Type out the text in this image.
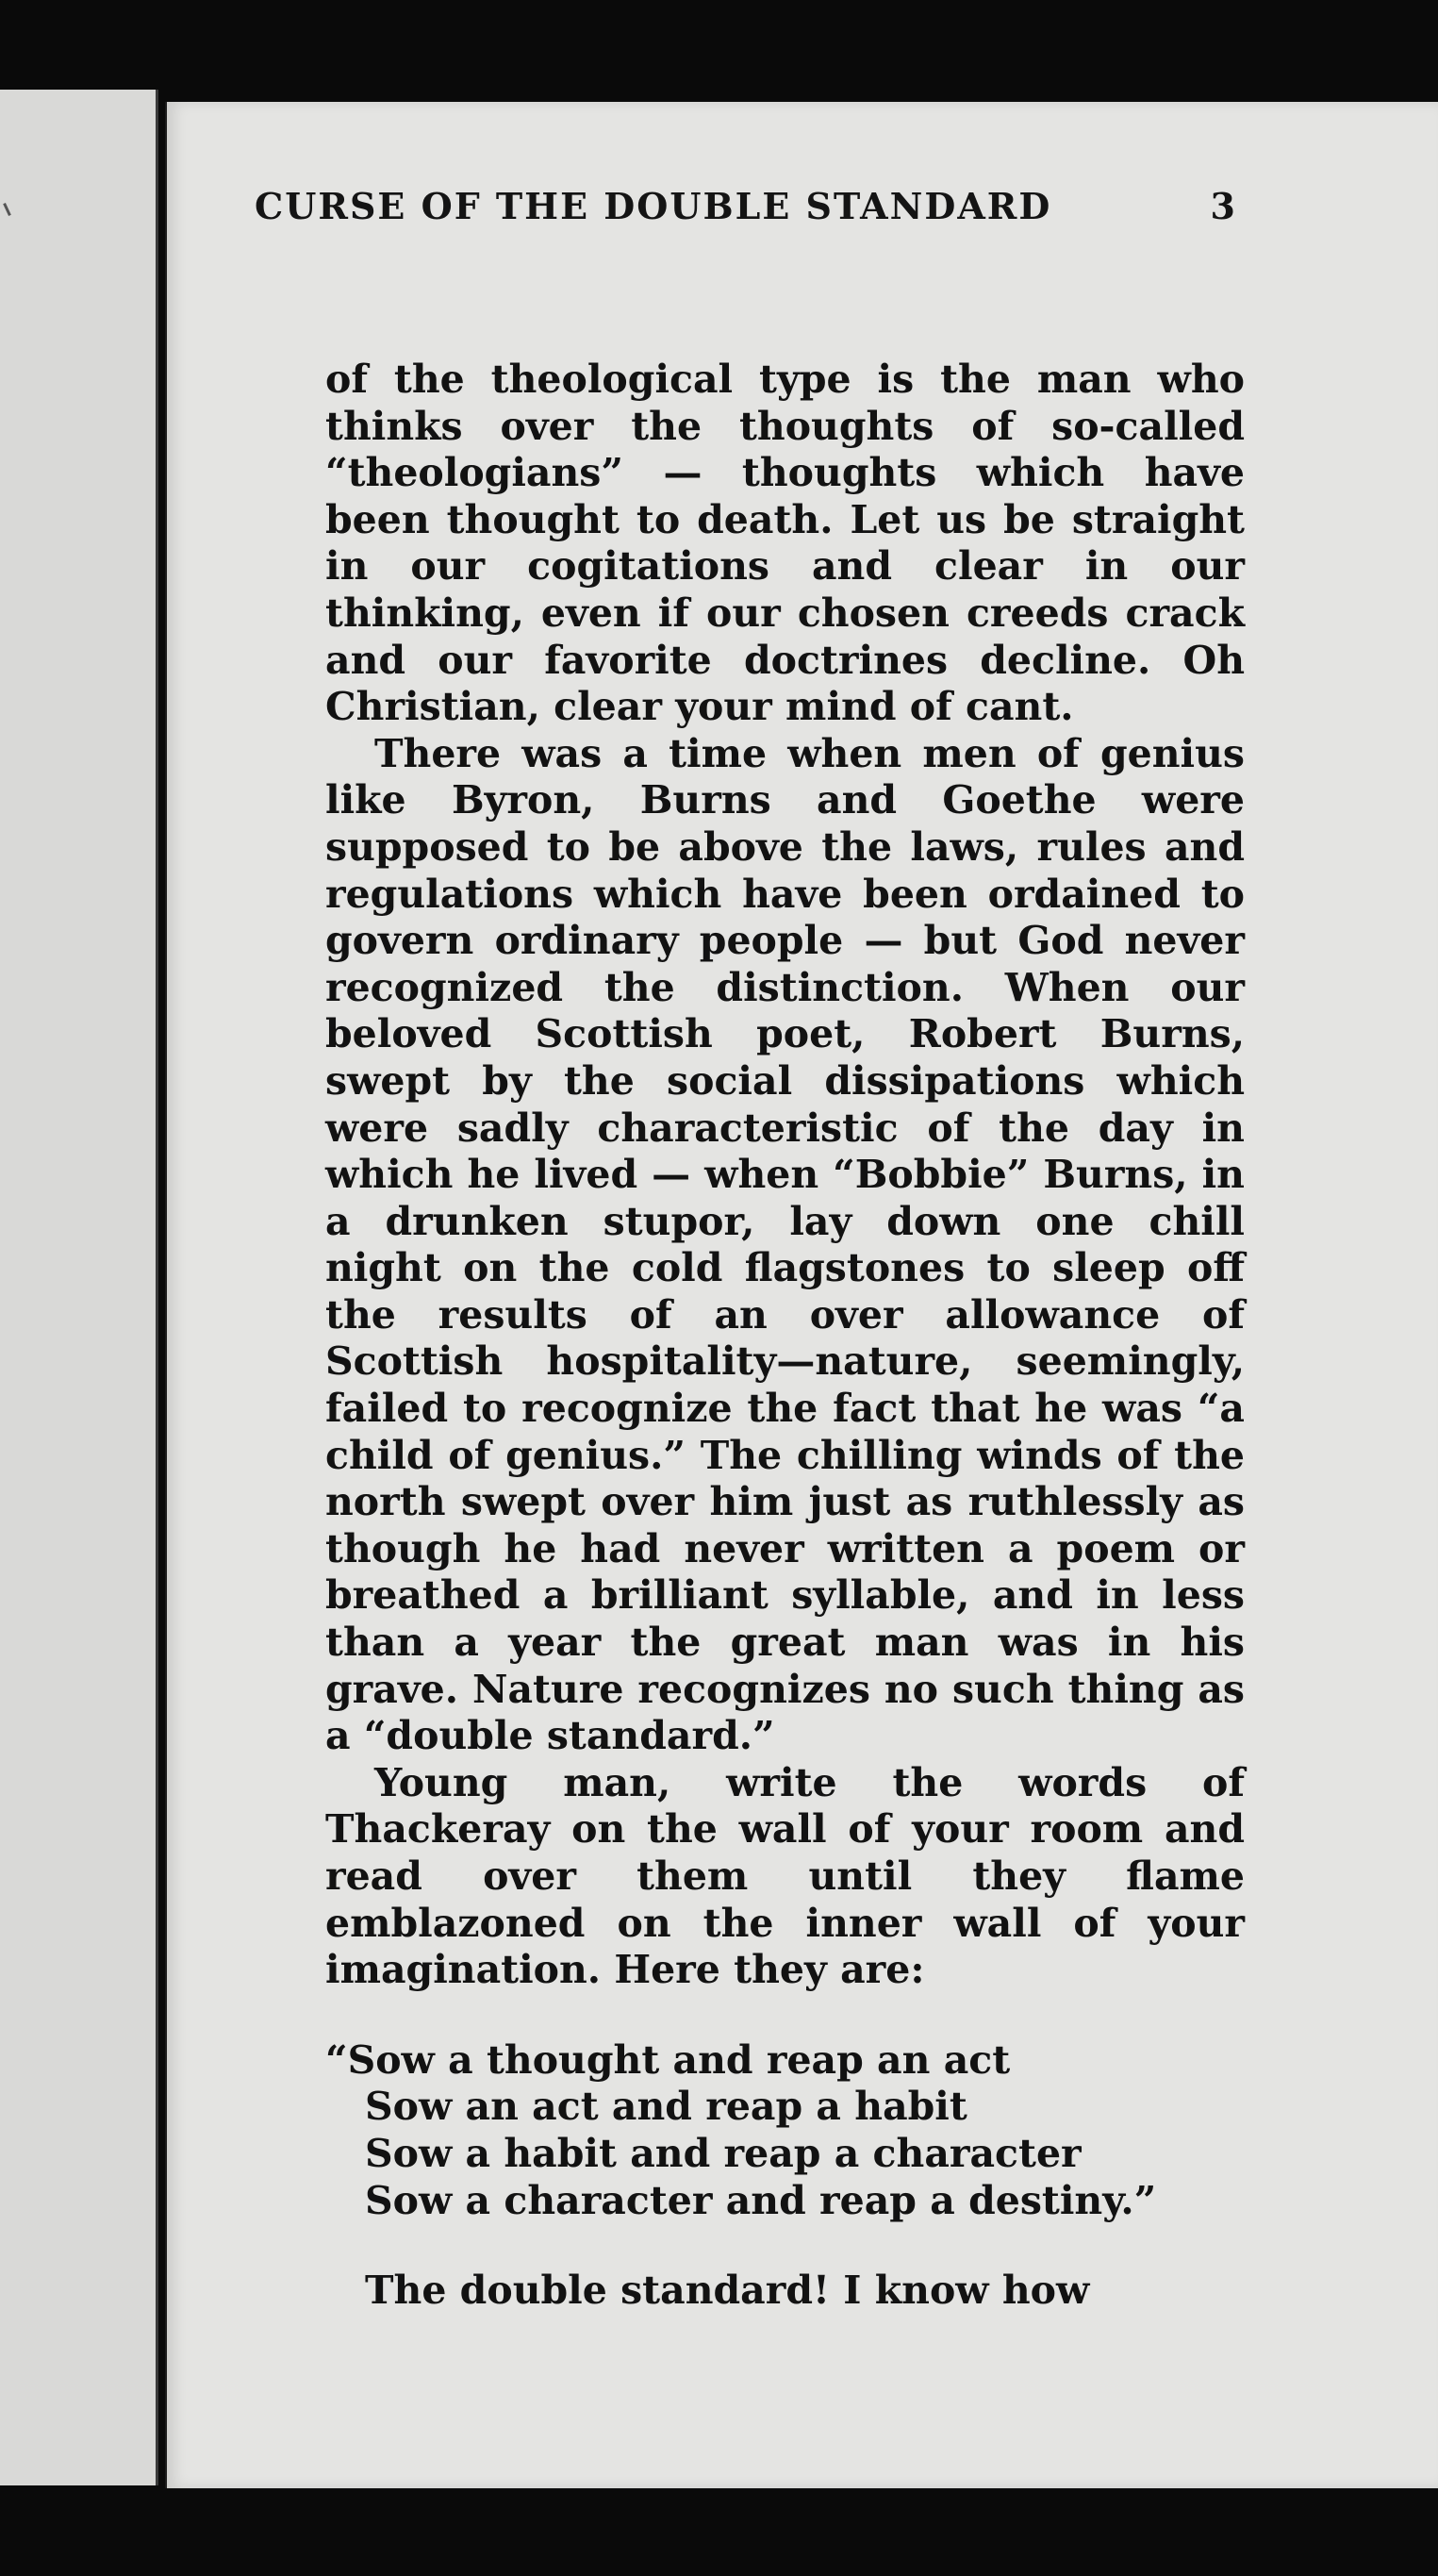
CURSE OF THE DOUBLE STANDARD	3

of the theological type is the man who thinks over the thoughts of so-called “theologians” — thoughts which have been thought to death. Let us be straight in our cogitations and clear in our thinking, even if our chosen creeds crack and our favorite doctrines decline. Oh Christian, clear your mind of cant.

There was a time when men of genius like Byron, Burns and Goethe were supposed to be above the laws, rules and regulations which have been ordained to govern ordinary people — but God never recognized the distinction. When our beloved Scottish poet, Robert Burns, swept by the social dissipations which were sadly characteristic of the day in which he lived — when “Bobbie” Burns, in a drunken stupor, lay down one chill night on the cold flagstones to sleep off the results of an over allowance of Scottish hospitality—nature, seemingly, failed to recognize the fact that he was “a child of genius.” The chilling winds of the north swept over him just as ruthlessly as though he had never written a poem or breathed a brilliant syllable, and in less than a year the great man was in his grave. Nature recognizes no such thing as a “double standard.”

Young man, write the words of Thackeray on the wall of your room and read over them until they flame emblazoned on the inner wall of your imagination. Here they are:

“Sow a thought and reap an act
Sow an act and reap a habit
Sow a habit and reap a character
Sow a character and reap a destiny.”

The double standard! I know how
